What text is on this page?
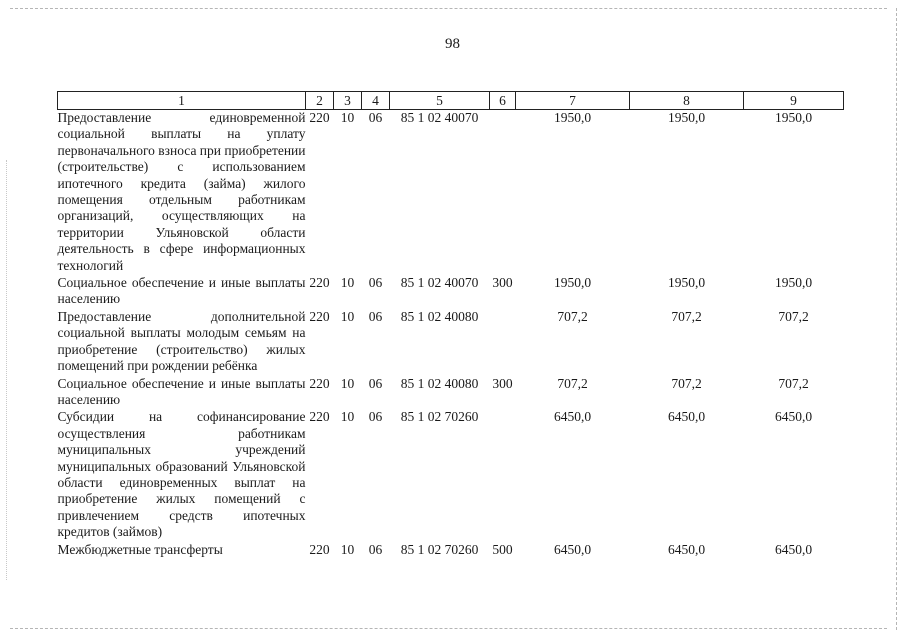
98
1	2	3	4	5	6	7	8	9
Предоставление единовременной социальной выплаты на уплату первоначального взноса при приобретении (строительстве) с использованием ипотечного кредита (займа) жилого помещения отдельным работникам организаций, осуществляющих на территории Ульяновской области деятельность в сфере информационных технологий	220	10	06	85 1 02 40070		1950,0	1950,0	1950,0
Социальное обеспечение и иные выплаты населению	220	10	06	85 1 02 40070	300	1950,0	1950,0	1950,0
Предоставление дополнительной социальной выплаты молодым семьям на приобретение (строительство) жилых помещений при рождении ребёнка	220	10	06	85 1 02 40080		707,2	707,2	707,2
Социальное обеспечение и иные выплаты населению	220	10	06	85 1 02 40080	300	707,2	707,2	707,2
Субсидии на софинансирование осуществления работникам муниципальных учреждений муниципальных образований Ульяновской области единовременных выплат на приобретение жилых помещений с привлечением средств ипотечных кредитов (займов)	220	10	06	85 1 02 70260		6450,0	6450,0	6450,0
Межбюджетные трансферты	220	10	06	85 1 02 70260	500	6450,0	6450,0	6450,0
